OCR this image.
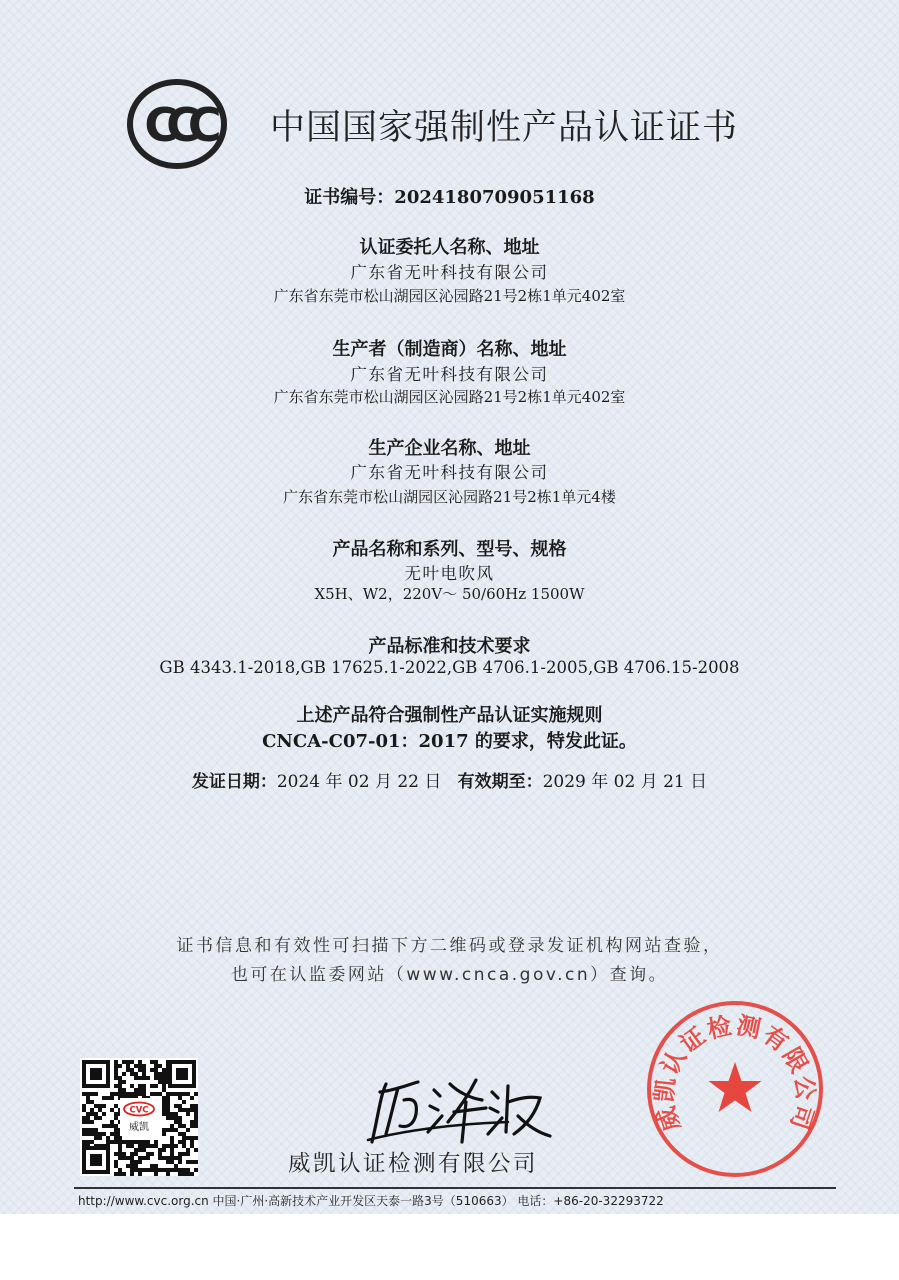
CCC 中国国家强制性产品认证证书
证书编号：2024180709051168
认证委托人名称、地址
广东省无叶科技有限公司
广东省东莞市松山湖园区沁园路21号2栋1单元402室
生产者（制造商）名称、地址
广东省无叶科技有限公司
广东省东莞市松山湖园区沁园路21号2栋1单元402室
生产企业名称、地址
广东省无叶科技有限公司
广东省东莞市松山湖园区沁园路21号2栋1单元4楼
产品名称和系列、型号、规格
无叶电吹风
X5H、W2，220V～ 50/60Hz 1500W
产品标准和技术要求
GB 4343.1-2018,GB 17625.1-2022,GB 4706.1-2005,GB 4706.15-2008
上述产品符合强制性产品认证实施规则
CNCA-C07-01：2017 的要求，特发此证。
发证日期：2024 年 02 月 22 日 有效期至：2029 年 02 月 21 日
证书信息和有效性可扫描下方二维码或登录发证机构网站查验，
也可在认监委网站（www.cnca.gov.cn）查询。
CVC
威凯
威凯认证检测有限公司
威凯认证检测有限公司
http://www.cvc.org.cn 中国·广州·高新技术产业开发区天泰一路3号（510663） 电话：+86-20-32293722
